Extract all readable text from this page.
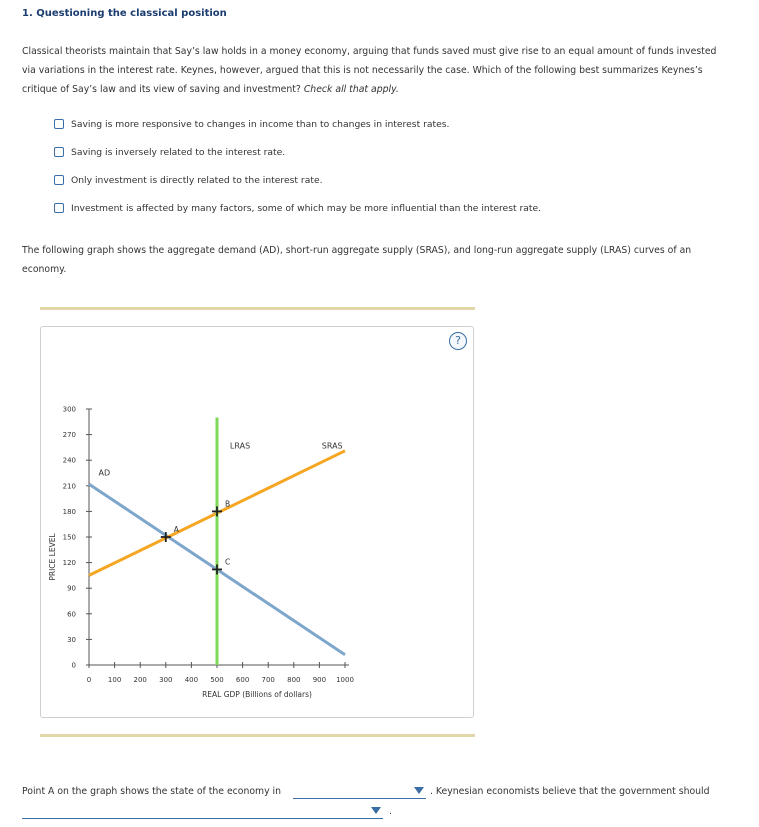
1. Questioning the classical position
Classical theorists maintain that Say’s law holds in a money economy, arguing that funds saved must give rise to an equal amount of funds invested
via variations in the interest rate. Keynes, however, argued that this is not necessarily the case. Which of the following best summarizes Keynes’s
critique of Say’s law and its view of saving and investment? Check all that apply.
Saving is more responsive to changes in income than to changes in interest rates.
Saving is inversely related to the interest rate.
Only investment is directly related to the interest rate.
Investment is affected by many factors, some of which may be more influential than the interest rate.
The following graph shows the aggregate demand (AD), short-run aggregate supply (SRAS), and long-run aggregate supply (LRAS) curves of an
economy.
?
0 100 200 300 400 500 600 700 800 900 1000
0
30
60
90
120
150
180
210
240
270
300
REAL GDP (Billions of dollars)
PRICE LEVEL
AD
SRAS
LRAS
A
B
C
Point A on the graph shows the state of the economy in	. Keynesian economists believe that the government should
.
